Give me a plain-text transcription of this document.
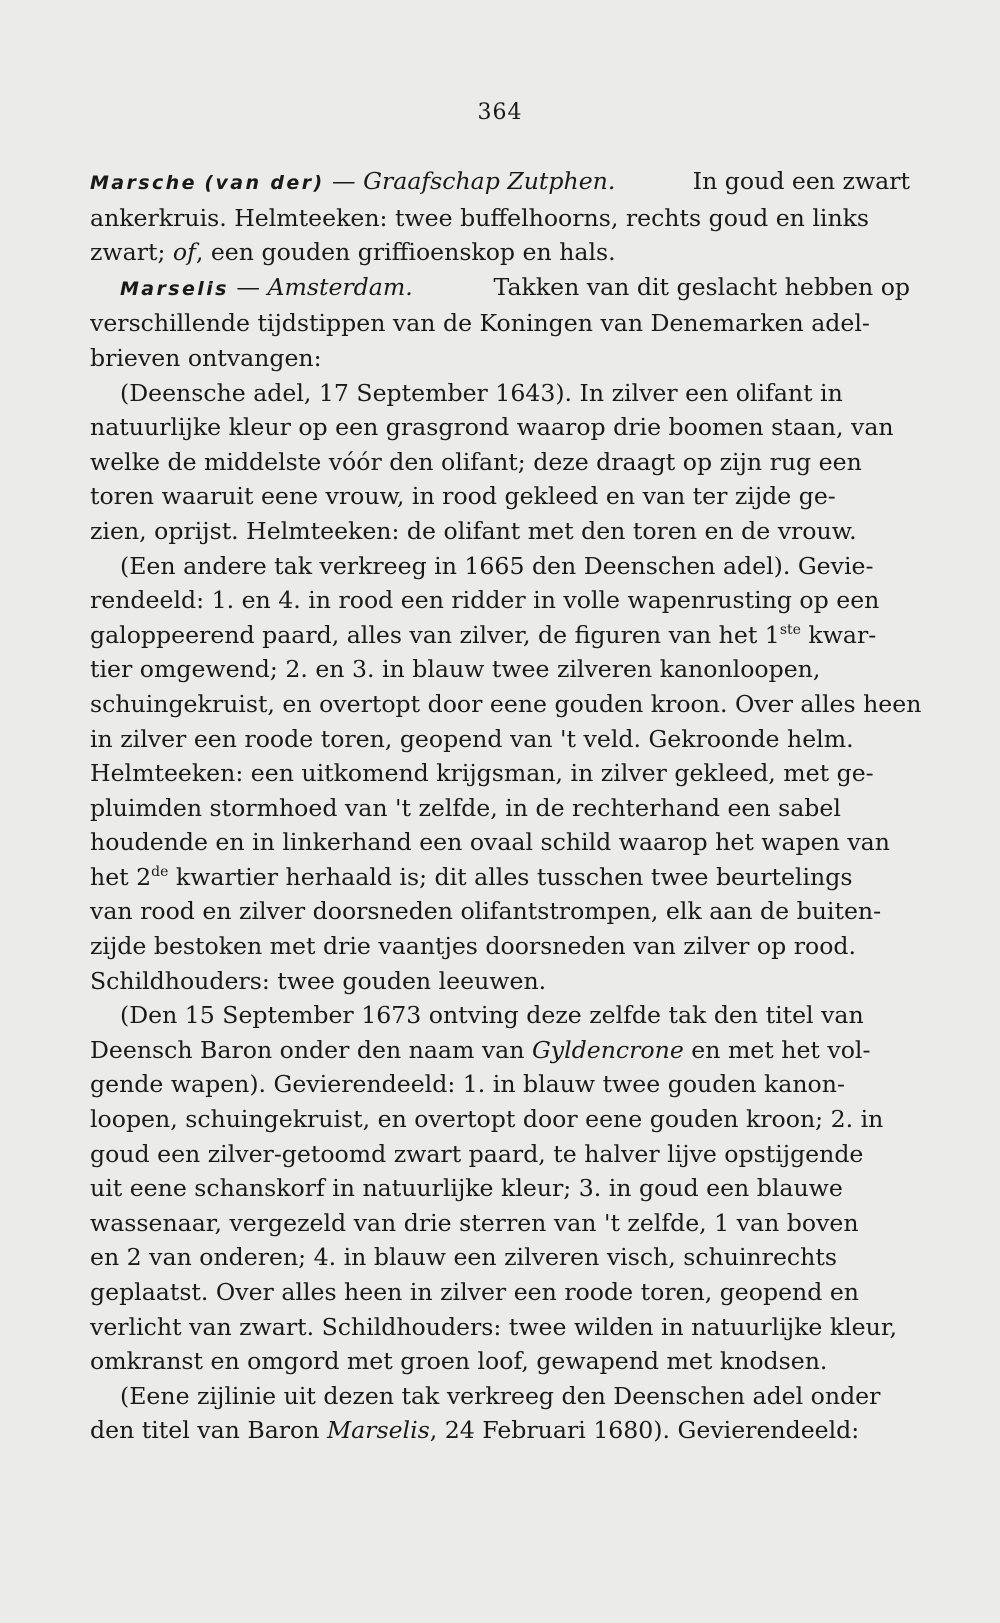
364
Marsche (van der) — Graafschap Zutphen.	In goud een zwart
ankerkruis. Helmteeken: twee buffelhoorns, rechts goud en links
zwart; of, een gouden griffioenskop en hals.
Marselis — Amsterdam.	Takken van dit geslacht hebben op
verschillende tijdstippen van de Koningen van Denemarken adel-
brieven ontvangen:
(Deensche adel, 17 September 1643). In zilver een olifant in
natuurlijke kleur op een grasgrond waarop drie boomen staan, van
welke de middelste vóór den olifant; deze draagt op zijn rug een
toren waaruit eene vrouw, in rood gekleed en van ter zijde ge-
zien, oprijst. Helmteeken: de olifant met den toren en de vrouw.
(Een andere tak verkreeg in 1665 den Deenschen adel). Gevie-
rendeeld: 1. en 4. in rood een ridder in volle wapenrusting op een
galoppeerend paard, alles van zilver, de figuren van het 1ste kwar-
tier omgewend; 2. en 3. in blauw twee zilveren kanonloopen,
schuingekruist, en overtopt door eene gouden kroon. Over alles heen
in zilver een roode toren, geopend van 't veld. Gekroonde helm.
Helmteeken: een uitkomend krijgsman, in zilver gekleed, met ge-
pluimden stormhoed van 't zelfde, in de rechterhand een sabel
houdende en in linkerhand een ovaal schild waarop het wapen van
het 2de kwartier herhaald is; dit alles tusschen twee beurtelings
van rood en zilver doorsneden olifantstrompen, elk aan de buiten-
zijde bestoken met drie vaantjes doorsneden van zilver op rood.
Schildhouders: twee gouden leeuwen.
(Den 15 September 1673 ontving deze zelfde tak den titel van
Deensch Baron onder den naam van Gyldencrone en met het vol-
gende wapen). Gevierendeeld: 1. in blauw twee gouden kanon-
loopen, schuingekruist, en overtopt door eene gouden kroon; 2. in
goud een zilver-getoomd zwart paard, te halver lijve opstijgende
uit eene schanskorf in natuurlijke kleur; 3. in goud een blauwe
wassenaar, vergezeld van drie sterren van 't zelfde, 1 van boven
en 2 van onderen; 4. in blauw een zilveren visch, schuinrechts
geplaatst. Over alles heen in zilver een roode toren, geopend en
verlicht van zwart. Schildhouders: twee wilden in natuurlijke kleur,
omkranst en omgord met groen loof, gewapend met knodsen.
(Eene zijlinie uit dezen tak verkreeg den Deenschen adel onder
den titel van Baron Marselis, 24 Februari 1680). Gevierendeeld:
